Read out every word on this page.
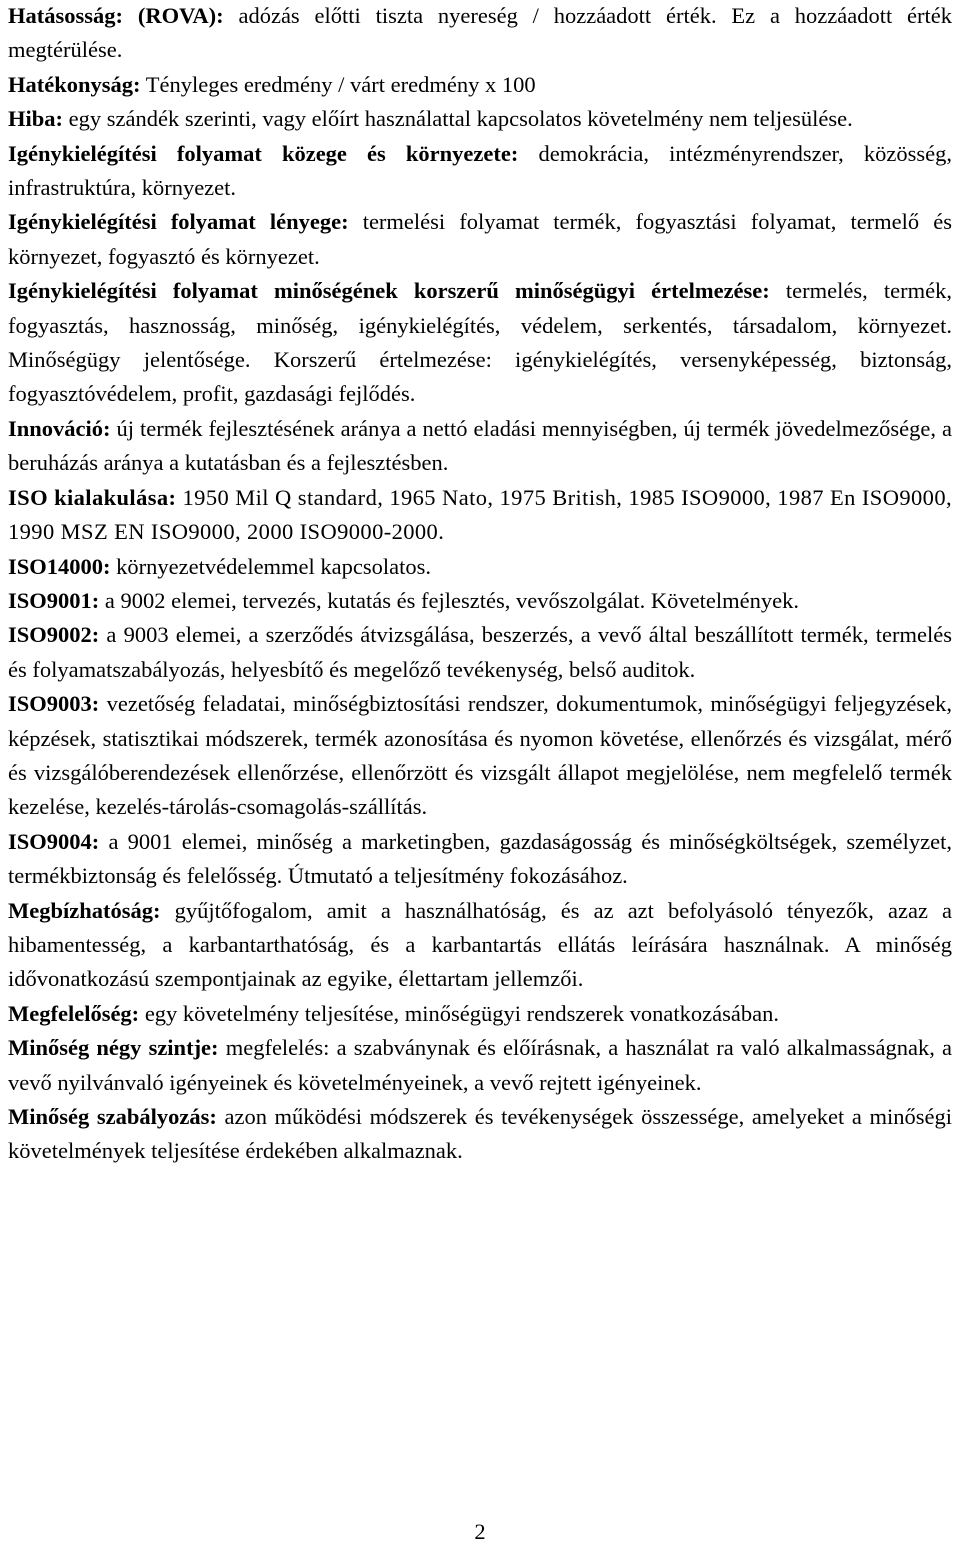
Hatásosság: (ROVA): adózás előtti tiszta nyereség / hozzáadott érték. Ez a hozzáadott érték megtérülése.

Hatékonyság: Tényleges eredmény / várt eredmény x 100

Hiba: egy szándék szerinti, vagy előírt használattal kapcsolatos követelmény nem teljesülése.

Igénykielégítési folyamat közege és környezete: demokrácia, intézményrendszer, közösség, infrastruktúra, környezet.

Igénykielégítési folyamat lényege: termelési folyamat termék, fogyasztási folyamat, termelő és környezet, fogyasztó és környezet.

Igénykielégítési folyamat minőségének korszerű minőségügyi értelmezése: termelés, termék, fogyasztás, hasznosság, minőség, igénykielégítés, védelem, serkentés, társadalom, környezet. Minőségügy jelentősége. Korszerű értelmezése: igénykielégítés, versenyképesség, biztonság, fogyasztóvédelem, profit, gazdasági fejlődés.

Innováció: új termék fejlesztésének aránya a nettó eladási mennyiségben, új termék jövedelmezősége, a beruházás aránya a kutatásban és a fejlesztésben.

ISO kialakulása: 1950 Mil Q standard, 1965 Nato, 1975 British, 1985 ISO9000, 1987 En ISO9000, 1990 MSZ EN ISO9000, 2000 ISO9000-2000.

ISO14000: környezetvédelemmel kapcsolatos.

ISO9001: a 9002 elemei, tervezés, kutatás és fejlesztés, vevőszolgálat. Követelmények.

ISO9002: a 9003 elemei, a szerződés átvizsgálása, beszerzés, a vevő által beszállított termék, termelés és folyamatszabályozás, helyesbítő és megelőző tevékenység, belső auditok.

ISO9003: vezetőség feladatai, minőségbiztosítási rendszer, dokumentumok, minőségügyi feljegyzések, képzések, statisztikai módszerek, termék azonosítása és nyomon követése, ellenőrzés és vizsgálat, mérő és vizsgálóberendezések ellenőrzése, ellenőrzött és vizsgált állapot megjelölése, nem megfelelő termék kezelése, kezelés-tárolás-csomagolás-szállítás.

ISO9004: a 9001 elemei, minőség a marketingben, gazdaságosság és minőségköltségek, személyzet, termékbiztonság és felelősség. Útmutató a teljesítmény fokozásához.

Megbízhatóság: gyűjtőfogalom, amit a használhatóság, és az azt befolyásoló tényezők, azaz a hibamentesség, a karbantarthatóság, és a karbantartás ellátás leírására használnak. A minőség idővonatkozású szempontjainak az egyike, élettartam jellemzői.

Megfelelőség: egy követelmény teljesítése, minőségügyi rendszerek vonatkozásában.

Minőség négy szintje: megfelelés: a szabványnak és előírásnak, a használat ra való alkalmasságnak, a vevő nyilvánvaló igényeinek és követelményeinek, a vevő rejtett igényeinek.

Minőség szabályozás: azon működési módszerek és tevékenységek összessége, amelyeket a minőségi követelmények teljesítése érdekében alkalmaznak.

2
